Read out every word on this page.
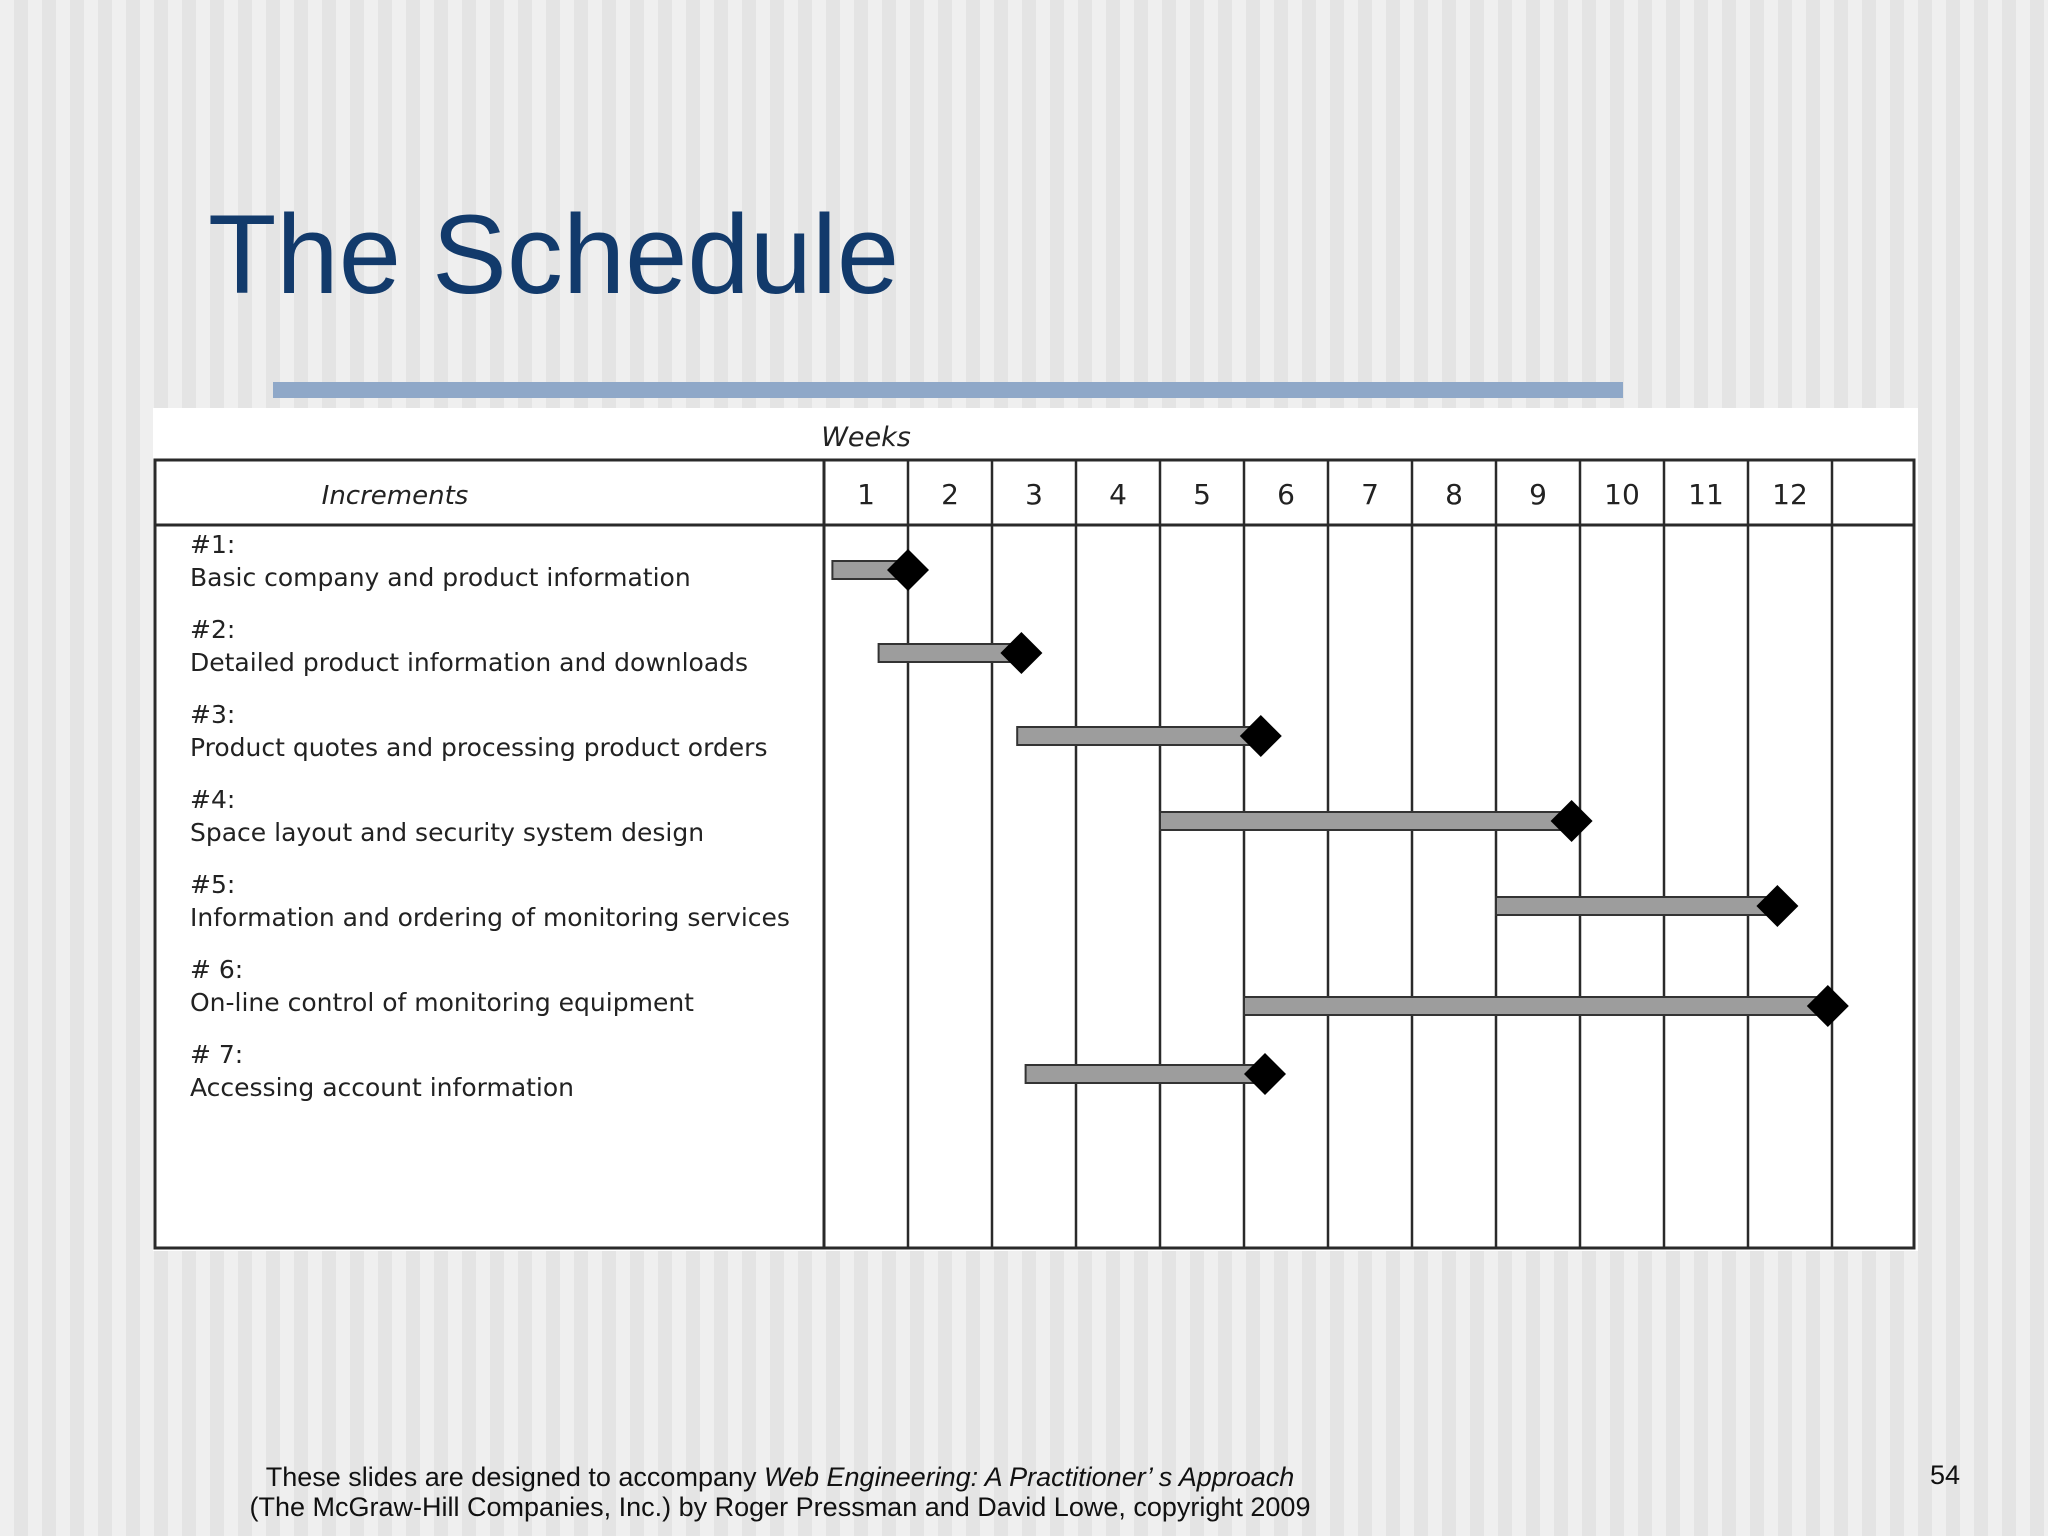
The Schedule
Weeks
Increments	1 2 3 4 5 6 7 8 9 10 11 12
#1:
Basic company and product information
#2:
Detailed product information and downloads
#3:
Product quotes and processing product orders
#4:
Space layout and security system design
#5:
Information and ordering of monitoring services
# 6:
On-line control of monitoring equipment
# 7:
Accessing account information
These slides are designed to accompany Web Engineering: A Practitioner’ s Approach
(The McGraw-Hill Companies, Inc.) by Roger Pressman and David Lowe, copyright 2009
54
